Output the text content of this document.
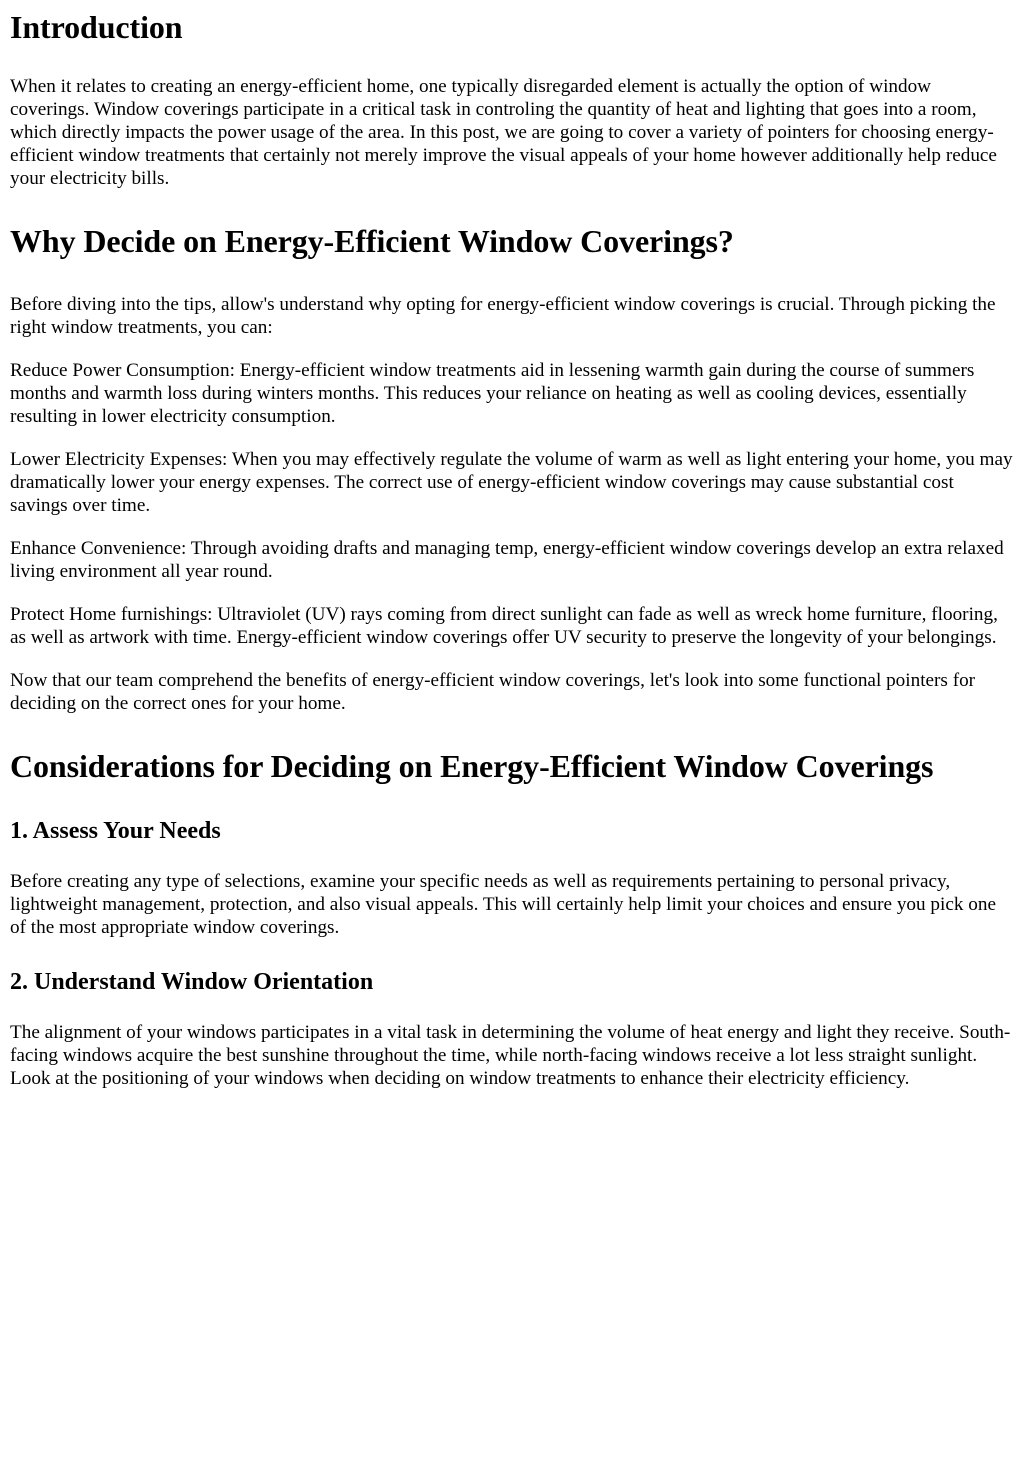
Introduction

When it relates to creating an energy-efficient home, one typically disregarded element is actually the option of window coverings. Window coverings participate in a critical task in controling the quantity of heat and lighting that goes into a room, which directly impacts the power usage of the area. In this post, we are going to cover a variety of pointers for choosing energy-efficient window treatments that certainly not merely improve the visual appeals of your home however additionally help reduce your electricity bills.

Why Decide on Energy-Efficient Window Coverings?

Before diving into the tips, allow's understand why opting for energy-efficient window coverings is crucial. Through picking the right window treatments, you can:

Reduce Power Consumption: Energy-efficient window treatments aid in lessening warmth gain during the course of summers months and warmth loss during winters months. This reduces your reliance on heating as well as cooling devices, essentially resulting in lower electricity consumption.

Lower Electricity Expenses: When you may effectively regulate the volume of warm as well as light entering your home, you may dramatically lower your energy expenses. The correct use of energy-efficient window coverings may cause substantial cost savings over time.

Enhance Convenience: Through avoiding drafts and managing temp, energy-efficient window coverings develop an extra relaxed living environment all year round.

Protect Home furnishings: Ultraviolet (UV) rays coming from direct sunlight can fade as well as wreck home furniture, flooring, as well as artwork with time. Energy-efficient window coverings offer UV security to preserve the longevity of your belongings.

Now that our team comprehend the benefits of energy-efficient window coverings, let's look into some functional pointers for deciding on the correct ones for your home.

Considerations for Deciding on Energy-Efficient Window Coverings
1. Assess Your Needs

Before creating any type of selections, examine your specific needs as well as requirements pertaining to personal privacy, lightweight management, protection, and also visual appeals. This will certainly help limit your choices and ensure you pick one of the most appropriate window coverings.

2. Understand Window Orientation

The alignment of your windows participates in a vital task in determining the volume of heat energy and light they receive. South-facing windows acquire the best sunshine throughout the time, while north-facing windows receive a lot less straight sunlight. Look at the positioning of your windows when deciding on window treatments to enhance their electricity efficiency.
